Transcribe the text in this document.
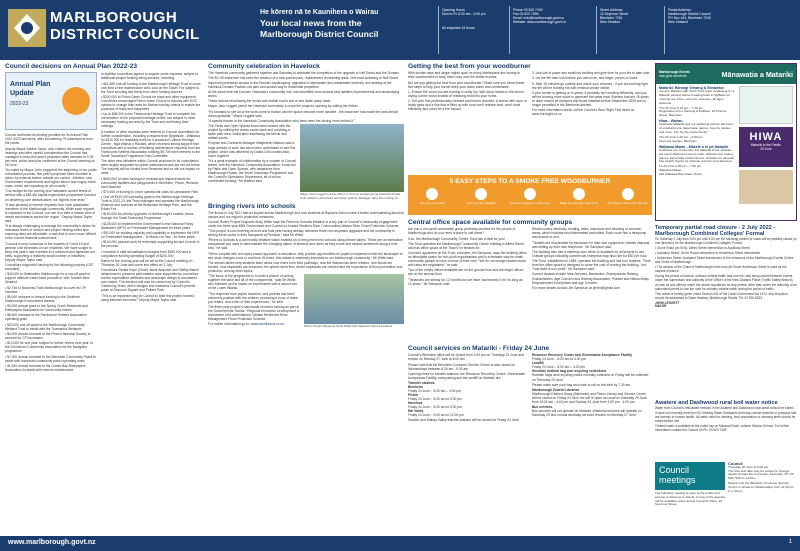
MARLBOROUGH
DISTRICT COUNCIL
He kōrero nā te Kaunihera o Wairau
Your local news from the
Marlborough District Council
Opening Hours
Mon to Fri 8.00 am - 5.00 pm
All enquiries 24 hours
Phone 03 520 7400
Fax 03 520 7496
Email: mdc@marlborough.govt.nz
Website: www.marlborough.govt.nz
Street Address:
15 Seymour Street
Blenheim 7201
New Zealand
Postal Address:
Marlborough District Council
PO Box 443, Blenheim 7240
New Zealand
Council decisions on Annual Plan 2022-23
Annual Plan
Update
2022-23

Council confirmed its funding priorities for its Annual Plan 2022-2023 last week, after considering 75 submissions from the public.

Deputy Mayor Nadine Taylor, who chaired the meeting and hearings said after careful consideration the Council had managed to keep this year's proposed rates increase to 5.39 per cent, which would be confirmed at the Council meeting on 30 June.

"As noted by Mayor John Leggett at the beginning of our public consultation process, this year's proposed rates increase is driven by external factors outside our control - inflation; new Government requirements and higher labour and supply chain costs, which are impacting on all councils."

"Our budget for the coming year maintains current levels of service with a $83.4M capital expenditure programme focused on delivering core infrastructure; our highest ever level."

"It was pleasing to receive requests from such passionate members of the Marlborough community. While each request is important to the Council, our role is to take a holistic view of needs and balance across the region," Deputy Mayor Taylor said.

"It is always challenging to manage the community's desire for increased levels of service and project funding whilst also ensuring rates are affordable, a task that is much more difficult in the current financial environment."

"Council is very conscious of the impacts of Covid-19 and general cost increases on our residents. We have sought to keep this year's rate increase to a minimum and tightened our belts, supporting a relatively small number of initiatives," Deputy Mayor Taylor said.

Councillors supported funding for the following projects (GST excluded):

• $40,000 to Destination Marlborough for a one-off grant to support offshore travel trade promotion, with Tourism New Zealand

• $2,746 to Business Trust Marlborough to cover its CPI increase

• $5,000 increase in annual funding to the Southern Marlborough Environment Awards

• $3,000 annual grant to the Spring Creek Residents and Ratepayers Association for community events

• $6,500 increase to the Flaxbourne Settlers Association operating grant

• $20,000 one-off grant to the Marlborough Community Wetland Trust to assist with the Tuamarina Wetlands

• $4,000 annual increase to the Picton Historical Society to account for CPI increases

• $13,000 for one year, subject to further review next year, to the Grovetown Community Association for the Navigator programme

• $7,000 annual increase to the Blenheim Community Patrol to assist with increased community patrol operating costs

• $1,540 annual increase to the Ocean Bay Ratepayers Association to assist with reserve maintenance

In addition councillors agreed to support some requests, subject to additional project funding being secured, including:

• $31,689 one-off funding to the Marlborough Heritage Trust to cover one-third of the maintenance work cost on the Edwin Fox subject to the Trust securing two thirds from other funding sources

• $200,000 to Picton Dawn Chorus for traps and other equipment. Councillors encouraged Picton Dawn Chorus to discuss with DOC options to change their asks for Nature funding criteria to enable the purchase of traps and equipment

• Up to $35,000 to the Flaxbourne Heritage Trust to complete the construction of the proposed heritage centre, but subject to other necessary funding secured by the Trust and confirming their costings

A number of other requests were referred to Council committees for further consideration, including a request from Brightside - Waikawa for $110,000 for feasibility work for a proposed Cultural Heritage Centre - Ngā Wairua o Rautahi, which received strong support from councillors and a number of building maintenance requests from the Flaxbourne Settlers Association totalling $9,709 were referred to the Small Townships Programme Sub-Committee.

The other new initiatives within Council proposed in its consultation were largely supported by public submissions and are set out below. The majority will be funded from Reserves and so will not impact on rates.

• $600,000 of rates funding for renewal and improvements for community facilities and playgrounds in Blenheim, Picton, Renwick and Havelock

• $70,000 of funding to cover operational costs at Lansdowne Park

• One off $100,000 operating grant to the Marlborough Heritage Trust in 2022-23: the Trust manages and operates the Marlborough Museum and archives at the Brayshaw Heritage Park, and the Edwin Fox

• $150,000 for priority upgrades in Marlborough's smaller towns through the Small Townships Programme

• $125,000 to implement the Government's new National Policy Statement (NPS) on Freshwater Management for three years

• $50,000 for building capacity and capability to implement the NPS on Freshwater Management - Te Mana o te Wai - for three years

• $100,000 (annual cost) for externally supporting iwi and Council in the process

• Increase in staff annualisation budgets from $350,000 and a compliance funding operating budget of $200,000

Rates for the coming year will be set at the Council meeting on Thursday 30 June and come into effect on 1 July.

Councillors Gerald Hope (Chair) Jamie Arbuckle and Shelby Beach determined to preserve park estates were supported by councillors but the expenditure attributes and landscape design is considered and costed. The decision will now be carried out by Council's Gardening Team, which designs and maintains Council's premier parks at Seymour Square and Pollard Park.

"This is an important way for Council to take this project forward, using internal resources," Deputy Mayor Taylor said.

Community celebration in Havelock

The Havelock community gathered together last Saturday to celebrate the completion of the upgrade to Neil Street and the Domain.

The $1.1M makeover has seen the creation of a new pocket park, replacement of retaining walls, new road surfacing to Neil Street, improved pedestrian access to the Domain, landscaping, upgrades to stormwater and wastewater services, and seating at the Havelock Domain Pavilion car park and access way to residential properties.

At the same time the Domain, Havelock's community hub, has benefitted from several new facilities improvements and landscaping works.

These include resurfacing the tennis and netball courts and a new skate pump track.

Mayor John Leggett joined the Havelock community to mark the project's opening by cutting the ribbon.

"It's fantastic to see all of the work come to fruition and the space become more useable - the makeover has made the area almost unrecognisable," Mayor Leggett said.

"A special thanks to the Havelock Community Association who have been the driving force behind it."

The Parks and Open Spaces team have worked with the project by shifting the tennis courts back and providing a skate park area, whilst also resurfacing the tennis and netball courts.

Projects and Contracts Manager Maighdean Watson said a huge amount of work has since been undertaken to see this project, which was delivered by Daltra Civil construction, come together.

"It's a great example of collaboration by a number of Council teams, with the Havelock Community Association. It was led by Parks and Open Spaces, with assistance from Marlborough Roads, the Small Townships Programme and the Council's Operations Department, all of whom contributed funding," Mr Watson said.

Mayor John Leggett cut the ribbon in front of excited young Havelock Pupils Club children, with Parks and Open Spaces Manager Jane Tito looking on
Bringing rivers into schools

The floods in July 2021 had an impact across Marlborough and now students at Rapaura School have a better understanding about its causes and our region's protection measures.

Council Rivers Project Engineer Andy White says the Rivers to Schools initiative is a key part of Council's community engagement under the three-year $9M Government and Council co-funded Resilient River Communities Wairau River Flood Protection Scheme.

"This project is now entering its third and final year having already delivered three new stopbank upgrades and the community is seeing those works in their backyards at Renwick," said Mr White.

"Rivers to Schools is a community initiative which enables us to bring rivers into schools using stream tables. These are an interactive educational tool used to demonstrate the changing nature of streams and rivers as they erode and deposit sediments along a river bed," he said.

"When coupled with an inquiry-based approach to education, they provide opportunities for pupils to experiment with the landscape to see what changes occur in real time. At times, this nature is extremely important to our Marlborough community," Mr White said.

The stream tables help students learn about how rivers form their pathways, how the Wairau has been created, how floods are formed, how stopbanks are breached, the speed rivers flow, where stopbanks are needed and the importance of flood prevention and protection, among other topics.

"The focus of the programme is to build a picture of putting together the table and all of the components," said Mr White, who followed up the hands-on experiments with a school tour of the Lower Wairau.

"The response from pupils, teachers, and parents has been extremely positive with the children producing a book of thank you letters, and a film of their experiences," he said.

The three-year project's nationwide received funding as part of the Governments' Kānoa - Regional Economic Development & Investment Unit-administered Climate Resilience River Management Flood Protection Scheme.

For further information go to: www.riverlinksnz.co.nz	Rivers Project Engineer Andy White with Rapaura School students
Getting the best from your woodburner

With shorter days and longer nights upon us many Marlburians are turning to their woodburners to keep them cosy over the winter months.

But are you getting the best from your woodburner? Make sure you follow these five steps to help your burner keep your home warm and comfortable.

1. Ensure the wood you are burning is really dry. Wet wood results in the burner drying out the wood instead of releasing heat into your home.

2. Get your flue professionally cleaned and burner checked. A burner with worn or faulty parts and a flue that is filled up with soot won't release heat, won't work efficiently and could be a fire hazard.

3. Use lots of paper and small dry kindling and give time for your fire to take hold.

4. Let the fire take hold before you add more, and larger, pieces of wood.

5. After 15 minutes go outside and check your chimney - if you are burning right the fire will be burning hot with minimal smoke visible.

If your burner is getting on in years, it probably isn't working efficiently, and you will be burning more wood to generate the same heat. Burners that are 15 years or older should be replaced and those installed before September 2005 are no longer permitted in the Blenheim airshed.

For more information check out the Council's Burn Right Find direct at: www.burnright.co.nz

5 EASY STEPS TO A SMOKE FREE WOODBURNER
Buy dry wood early	Get your flue checked	Use lots of paper & small wood	Make sure fire has taken hold	15 minutes check your chimney
Central office space available for community groups

Are you a non-profit community group providing services for the people of Marlborough and do you need a place to call home?

If so, the Marlborough Community Centre Trust has a deal for you!

The Trust operates the Marlborough Community Centre building in Alfred Street and has office space at the Town's for tenants for.

Council's appointee on the Trust, volunteer Jim Sampson, says the building offers an affordable space for non-profit organisations and is a fantastic way for small community groups to have a home of their own. "We do not charge market rental and rates are negotiated," he said.

Two of the empty offices available are on the ground floor and the larger offices are on the second floor.

"Tenancies are steady for 12 months but we have had tenants in for as long as 10 years," Mr Sampson said.

Rental covers electricity, heating, rates, insurance and cleaning of common areas, which includes two kitchenettes and toilets. Each room has a heatpump and access to wi-fi.

"Tenants are responsible for insurance for their own equipment, rubbish disposal and setting up their own telephone," Mr Sampson said.

The building also has a meeting room which is available for all tenants to use. Outside groups including commercial enterprise may also hire for $30 per hour.

The Trust, established in 1985, operates the building and has four trustees. "Rent from the office space is designed to cover the cost of running the building - the Trust itself is non-profit," Mr Sampson said.

Current tenants include Idea Services, Barnardos, Grandparents Raising Grandchildren, Age Concern and Hearing Association, Plunket and Nelson Bays Empowerment Enterprises and Age Concern.

For more details contact Jim Sampson at jimrhs@gmail.com

Council services on Matariki - Friday 24 June

Council's Blenheim office will be closed from 5.00 pm on Thursday 23 June and reopen on Monday 27 June at 8.00 am.

Please note that the Blenheim Customer Service Centre is also closed on Wednesdays between 8.30 am - 9.30 am.

Opening times for transfer stations, the Resource Recovery Centre, Greenwaste Acceptance Facility, compositing and the landfill on Matariki are:

Transfer stations
Blenheim
Friday 24 June – 8.00 am – 4.30 pm
Picton
Friday 24 June – 8.00 am to 4.00 pm
Havelock
Friday 24 June – 8.00 am to 4.00 pm
Rai Valley
Friday 24 June – 9.00 am to 12.00 pm

Seddon and Wairau Valley transfer stations will be closed on Friday 24 June.

Resource Recovery Centre and Greenwaste Acceptance Facility
Friday 24 June – 8.00 am to 4.30 pm
Landfill
Friday 24 June – 8.00 am – 4.00 pm
Kerbside rubbish bag and recycling collections

Rubbish bags and recycling crates normally collected on Friday will be collected on Thursday 23 June.

Please make sure your bag and crate is out on the kerb by 7.30 am.

Marlborough District Libraries

Marlborough District Library (Blenheim) and Picton Library and Service Centre will be closed on Friday 24 June but will re-open as usual on Saturday 25 June from 10:00 am - 4:00 pm and Sunday 26 June from 1:00 pm - 4:00 pm.

Bus services

Bus services will not operate on Matariki. Weekend services will operate on Saturday 25 and normal weekday services resume on Monday 27 June.

Marlborough Events
mdc.govt.nz/events	Mānawatia a Matariki
Matariki: Rarangi Viewing & Breakfast

Join the Marlborough Youth Trust team at Rarangi for a Matariki viewing before heading back to MyBase for morning tea. Free, everyone welcome. All ages welcome.

Thu 23 June 5.15 am – 7.30 am

Registration from: Rarangi & MyBase, 18 Kinross Street, Blenheim

Hiwa - Wairau

Celebrate Matariki and our wellbeing with an afternoon of entertainment, kapa haka, games, bouncy castles and more. Fun for the whole family!

Thu 23 June 1.00 pm – 6.00 pm

Seymour Square, Blenheim

Waikawa Marae - Mākete o te pō Matariki

Celebrate our community this Matariki at the whānau-led event offering food and crafts, delicious kai, bakery, games, kapa haka performances, activities for tamariki, free health checks for whānau and live entertainment.

Fri 24 June 4.00 pm – 7.00 pm
Waikawa Marae,
210 Waikawa Bay Road, Picton
HIWA
Matariki in the Pacific
23 June
Temporary partial road closure - 2 July 2022 - Marlborough Combined Colleges' Formal

On Saturday 2 July from 5.00 pm until 8.00 pm the following portion of roads will be partially closed (in one direction) for the Marlborough Combined Colleges' Formal:

• Grove Road (on SH1): Alfred Street intersection to Auckland Street

• Auckland Street: Grove Road intersection to Hutcheson Street intersection

• Hutcheson Street: Auckland Street intersection to the entrances of the Marlborough Events Centre and Clubs of Marlborough

• The section of the Clubs of Marlborough inner loop off Grove Hutcheson Street is used as the carpark entrance.

During the period of closure, ordinary vehicle traffic may use the road being closed between events under the supervision and authority of the Officer of the New Zealand Police (Traffic Safety Branch).

As well as any offence under the above regulations for any person other than under the authority of an authorised permit to use the road for ordinary vehicle traffic during the period of traffic.

This notice is hereby given under Section 342 of the Local Government Act 1974. Any enquiries should be addressed to Dean Hawkey, Marlborough Roads, Ph: 03 520 8323.

JOHN LEGGETT
MAYOR
Awatere and Dashwood rural boil water notice

Water from Council's reticulated network in the Awatere and Dashwood rural areas should be boiled.

It does not currently meet the NZ Drinking Water Standards and may contain bacteria or protozoa that are harmful to human health. All water used for drinking, food preparation or cleaning teeth should be boiled before use.

Treated water is available at the public tap on Marama Road, outside Seddon School. For further information contact the Council on Ph: 03 520 7400.

Council
meetings

The following meeting is open to the public and anyone is welcome to attend. A copy of the agenda will be available online and at Council's office, 15 Seymour Street.

Council
Thursday 30 June at 9.00 am

The time and date may be subject to change; please contact the Committee Secretary, Ph: 03 520 7400 to confirm.

Please note the Blenheim Customer Service Centre is closed on Wednesdays from 12.30 pm to 1.30 pm

www.marlborough.govt.nz	1
